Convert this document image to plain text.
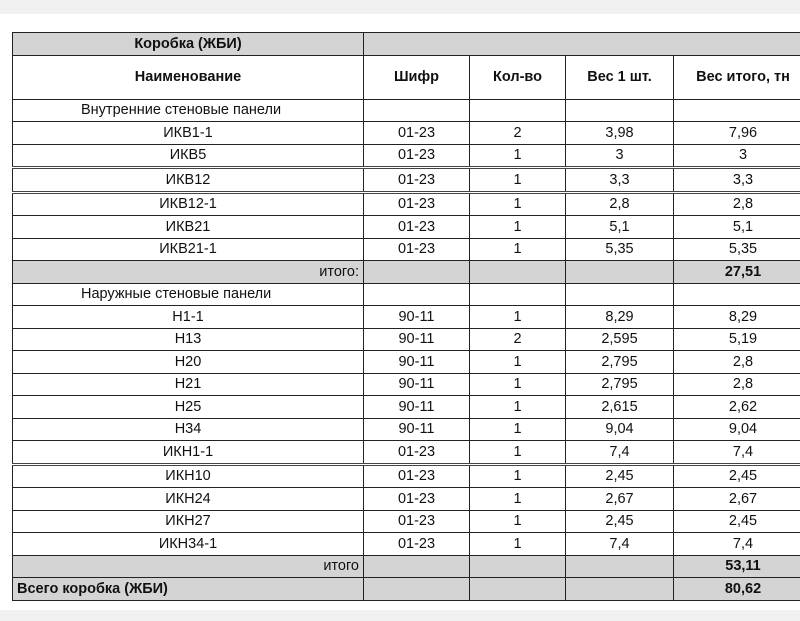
Коробка (ЖБИ)				
Наименование	Шифр	Кол-во	Вес 1 шт.	Вес итого, тн
Внутренние стеновые панели				
ИКВ1-1	01-23	2	3,98	7,96
ИКВ5	01-23	1	3	3
ИКВ12	01-23	1	3,3	3,3
ИКВ12-1	01-23	1	2,8	2,8
ИКВ21	01-23	1	5,1	5,1
ИКВ21-1	01-23	1	5,35	5,35
итого:				27,51
Наружные стеновые панели				
Н1-1	90-11	1	8,29	8,29
Н13	90-11	2	2,595	5,19
Н20	90-11	1	2,795	2,8
Н21	90-11	1	2,795	2,8
Н25	90-11	1	2,615	2,62
Н34	90-11	1	9,04	9,04
ИКН1-1	01-23	1	7,4	7,4
ИКН10	01-23	1	2,45	2,45
ИКН24	01-23	1	2,67	2,67
ИКН27	01-23	1	2,45	2,45
ИКН34-1	01-23	1	7,4	7,4
итого				53,11
Всего коробка (ЖБИ)				80,62
